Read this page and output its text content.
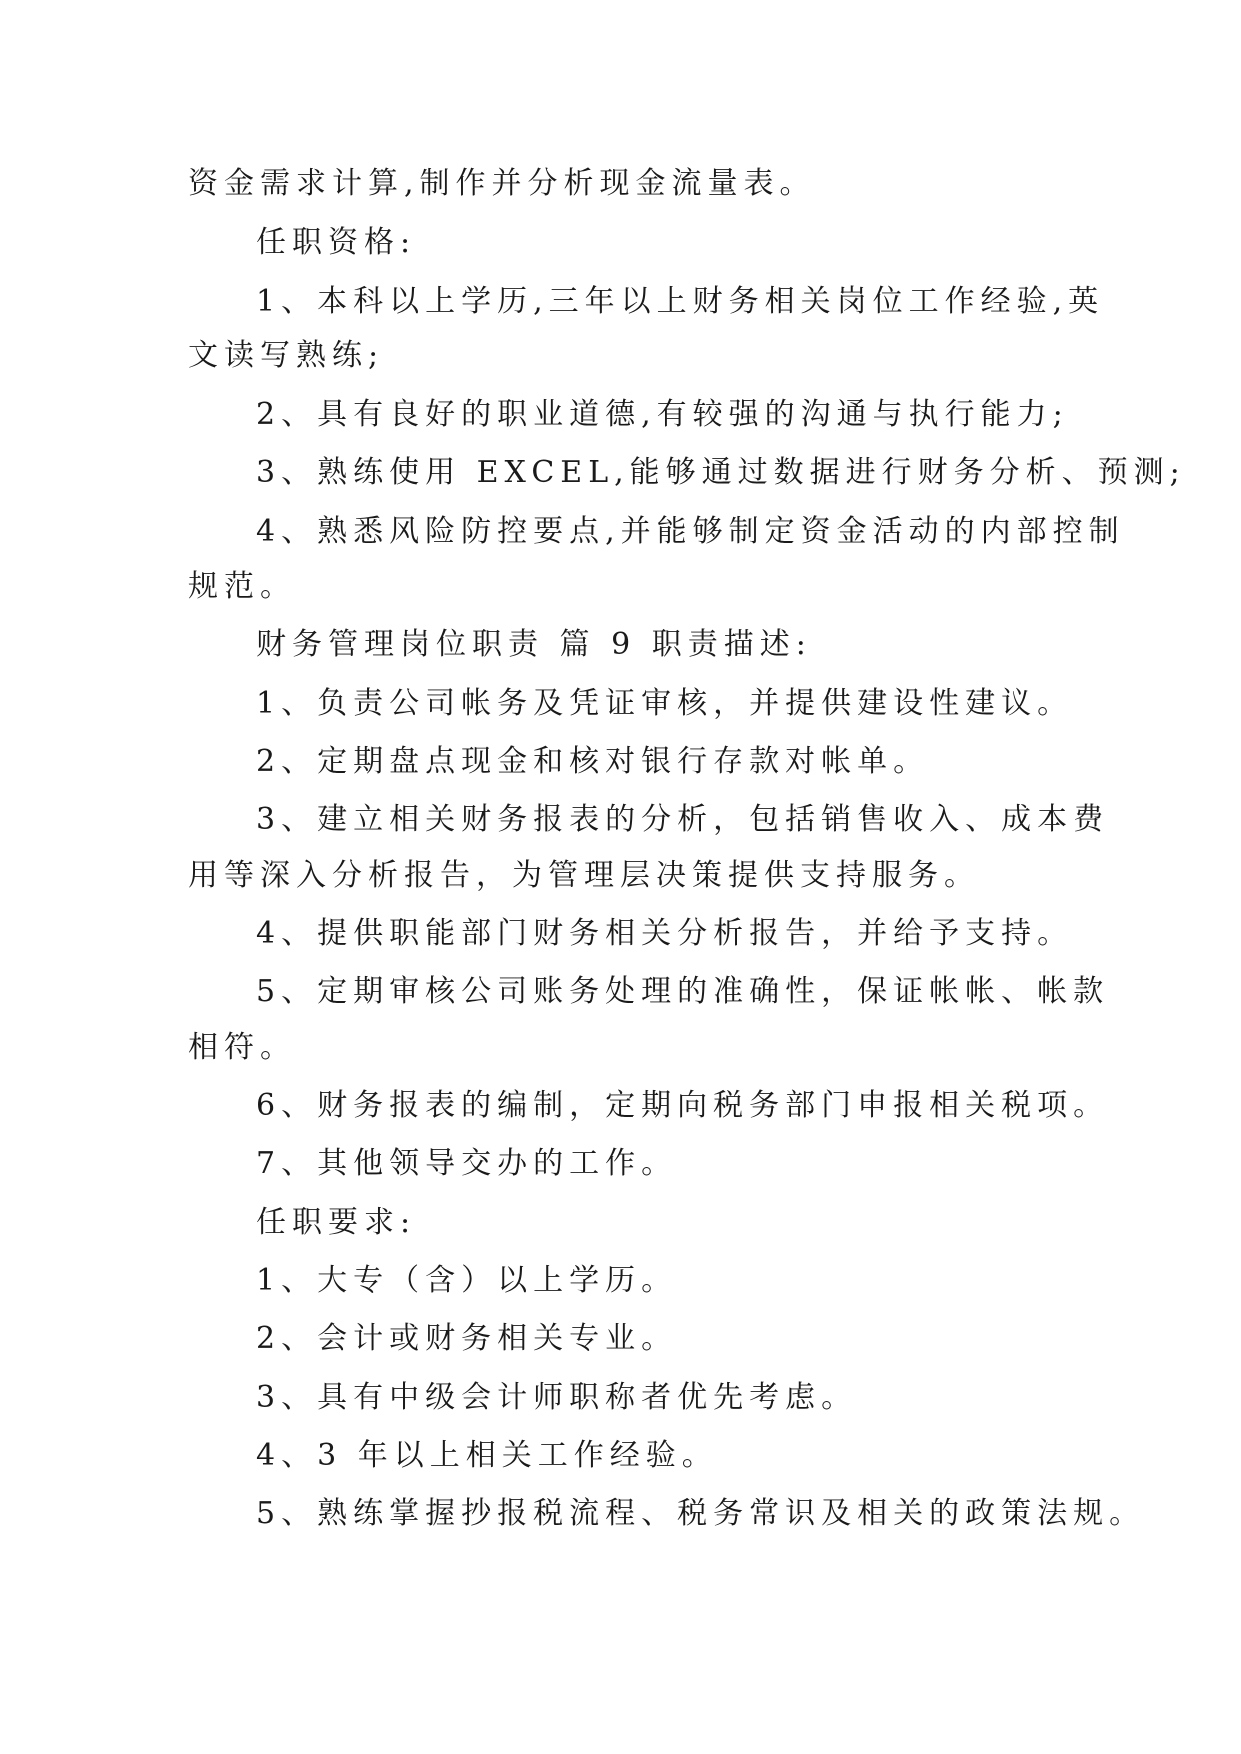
资金需求计算,制作并分析现金流量表。
任职资格:
1、本科以上学历,三年以上财务相关岗位工作经验,英
文读写熟练;
2、具有良好的职业道德,有较强的沟通与执行能力;
3、熟练使用 EXCEL,能够通过数据进行财务分析、预测;
4、熟悉风险防控要点,并能够制定资金活动的内部控制
规范。
财务管理岗位职责 篇 9 职责描述:
1、负责公司帐务及凭证审核，并提供建设性建议。
2、定期盘点现金和核对银行存款对帐单。
3、建立相关财务报表的分析，包括销售收入、成本费
用等深入分析报告，为管理层决策提供支持服务。
4、提供职能部门财务相关分析报告，并给予支持。
5、定期审核公司账务处理的准确性，保证帐帐、帐款
相符。
6、财务报表的编制，定期向税务部门申报相关税项。
7、其他领导交办的工作。
任职要求:
1、大专（含）以上学历。
2、会计或财务相关专业。
3、具有中级会计师职称者优先考虑。
4、3 年以上相关工作经验。
5、熟练掌握抄报税流程、税务常识及相关的政策法规。
